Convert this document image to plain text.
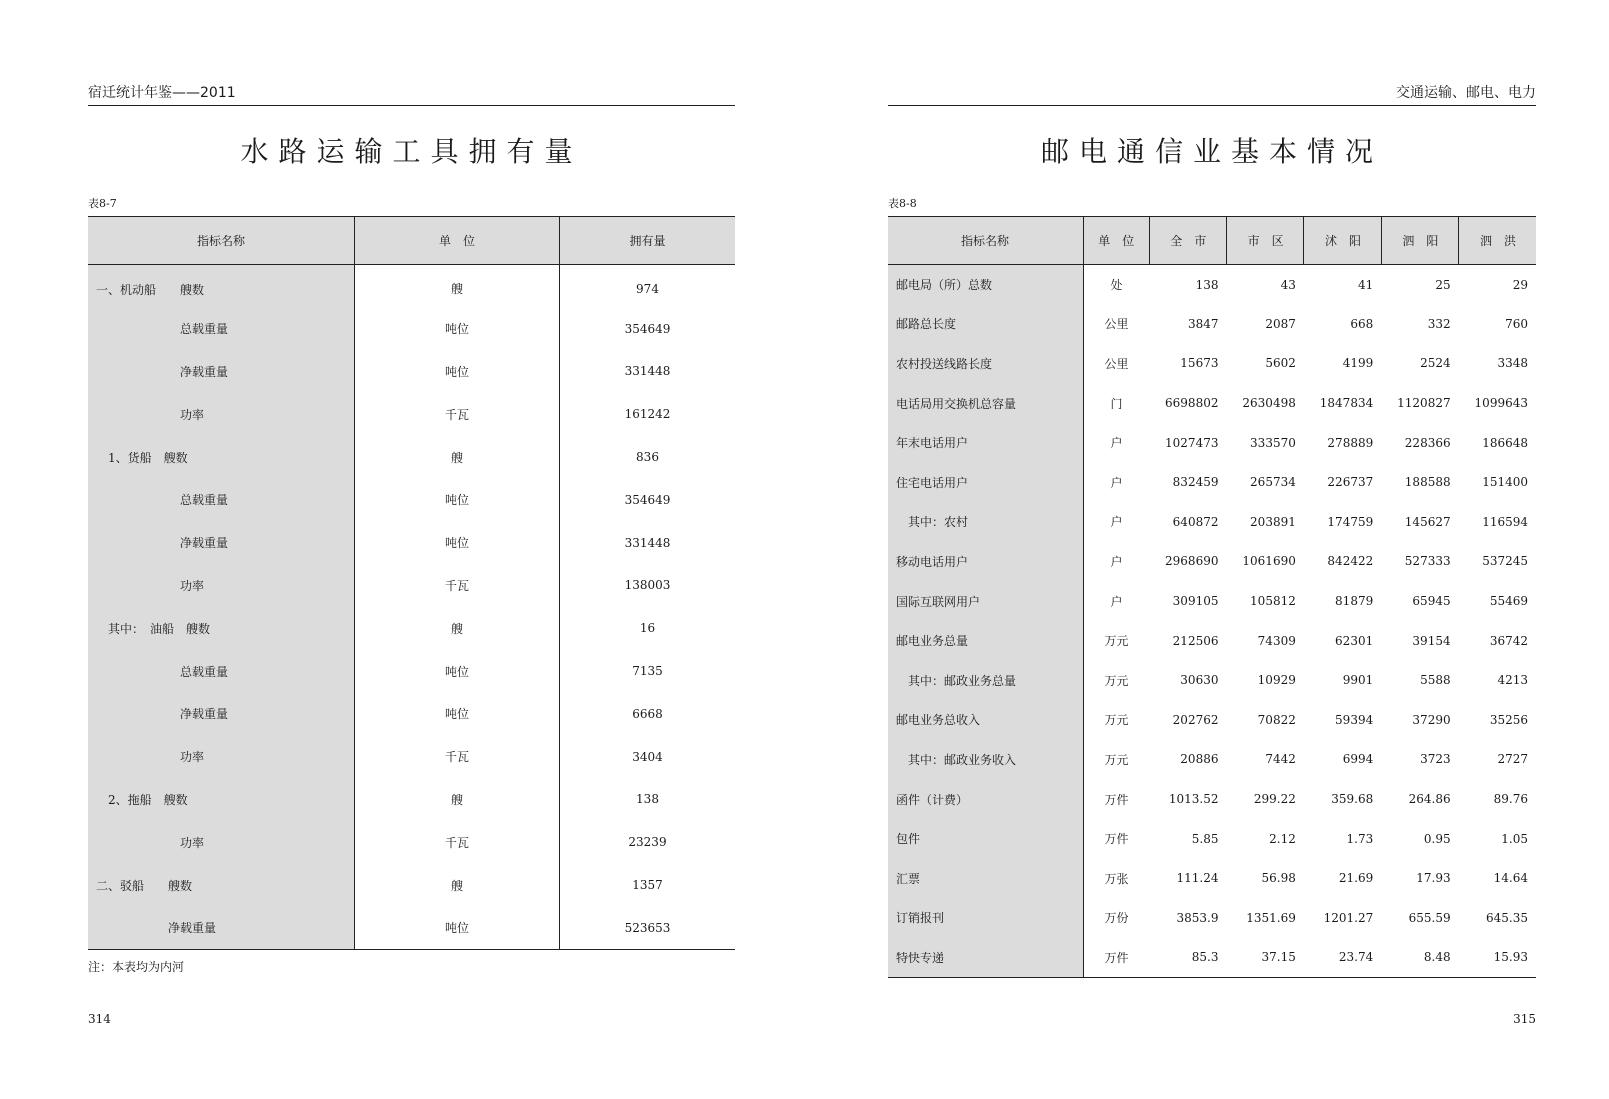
宿迁统计年鉴——2011
水路运输工具拥有量
表8-7
指标名称	单　位	拥有量
一、机动船　　艘数	艘	974
　　　　　　　总载重量	吨位	354649
　　　　　　　净载重量	吨位	331448
　　　　　　　功率	千瓦	161242
　1、货船　艘数	艘	836
　　　　　　　总载重量	吨位	354649
　　　　　　　净载重量	吨位	331448
　　　　　　　功率	千瓦	138003
　其中：　油船　艘数	艘	16
　　　　　　　总载重量	吨位	7135
　　　　　　　净载重量	吨位	6668
　　　　　　　功率	千瓦	3404
　2、拖船　艘数	艘	138
　　　　　　　功率	千瓦	23239
二、驳船　　艘数	艘	1357
　　　　　　净载重量	吨位	523653
注：本表均为内河
314
交通运输、邮电、电力
邮电通信业基本情况
表8-8
指标名称	单　位	全　市	市　区	沭　阳	泗　阳	泗　洪
邮电局（所）总数	处	138	43	41	25	29
邮路总长度	公里	3847	2087	668	332	760
农村投送线路长度	公里	15673	5602	4199	2524	3348
电话局用交换机总容量	门	6698802	2630498	1847834	1120827	1099643
年末电话用户	户	1027473	333570	278889	228366	186648
住宅电话用户	户	832459	265734	226737	188588	151400
　其中：农村	户	640872	203891	174759	145627	116594
移动电话用户	户	2968690	1061690	842422	527333	537245
国际互联网用户	户	309105	105812	81879	65945	55469
邮电业务总量	万元	212506	74309	62301	39154	36742
　其中：邮政业务总量	万元	30630	10929	9901	5588	4213
邮电业务总收入	万元	202762	70822	59394	37290	35256
　其中：邮政业务收入	万元	20886	7442	6994	3723	2727
函件（计费）	万件	1013.52	299.22	359.68	264.86	89.76
包件	万件	5.85	2.12	1.73	0.95	1.05
汇票	万张	111.24	56.98	21.69	17.93	14.64
订销报刊	万份	3853.9	1351.69	1201.27	655.59	645.35
特快专递	万件	85.3	37.15	23.74	8.48	15.93
315
